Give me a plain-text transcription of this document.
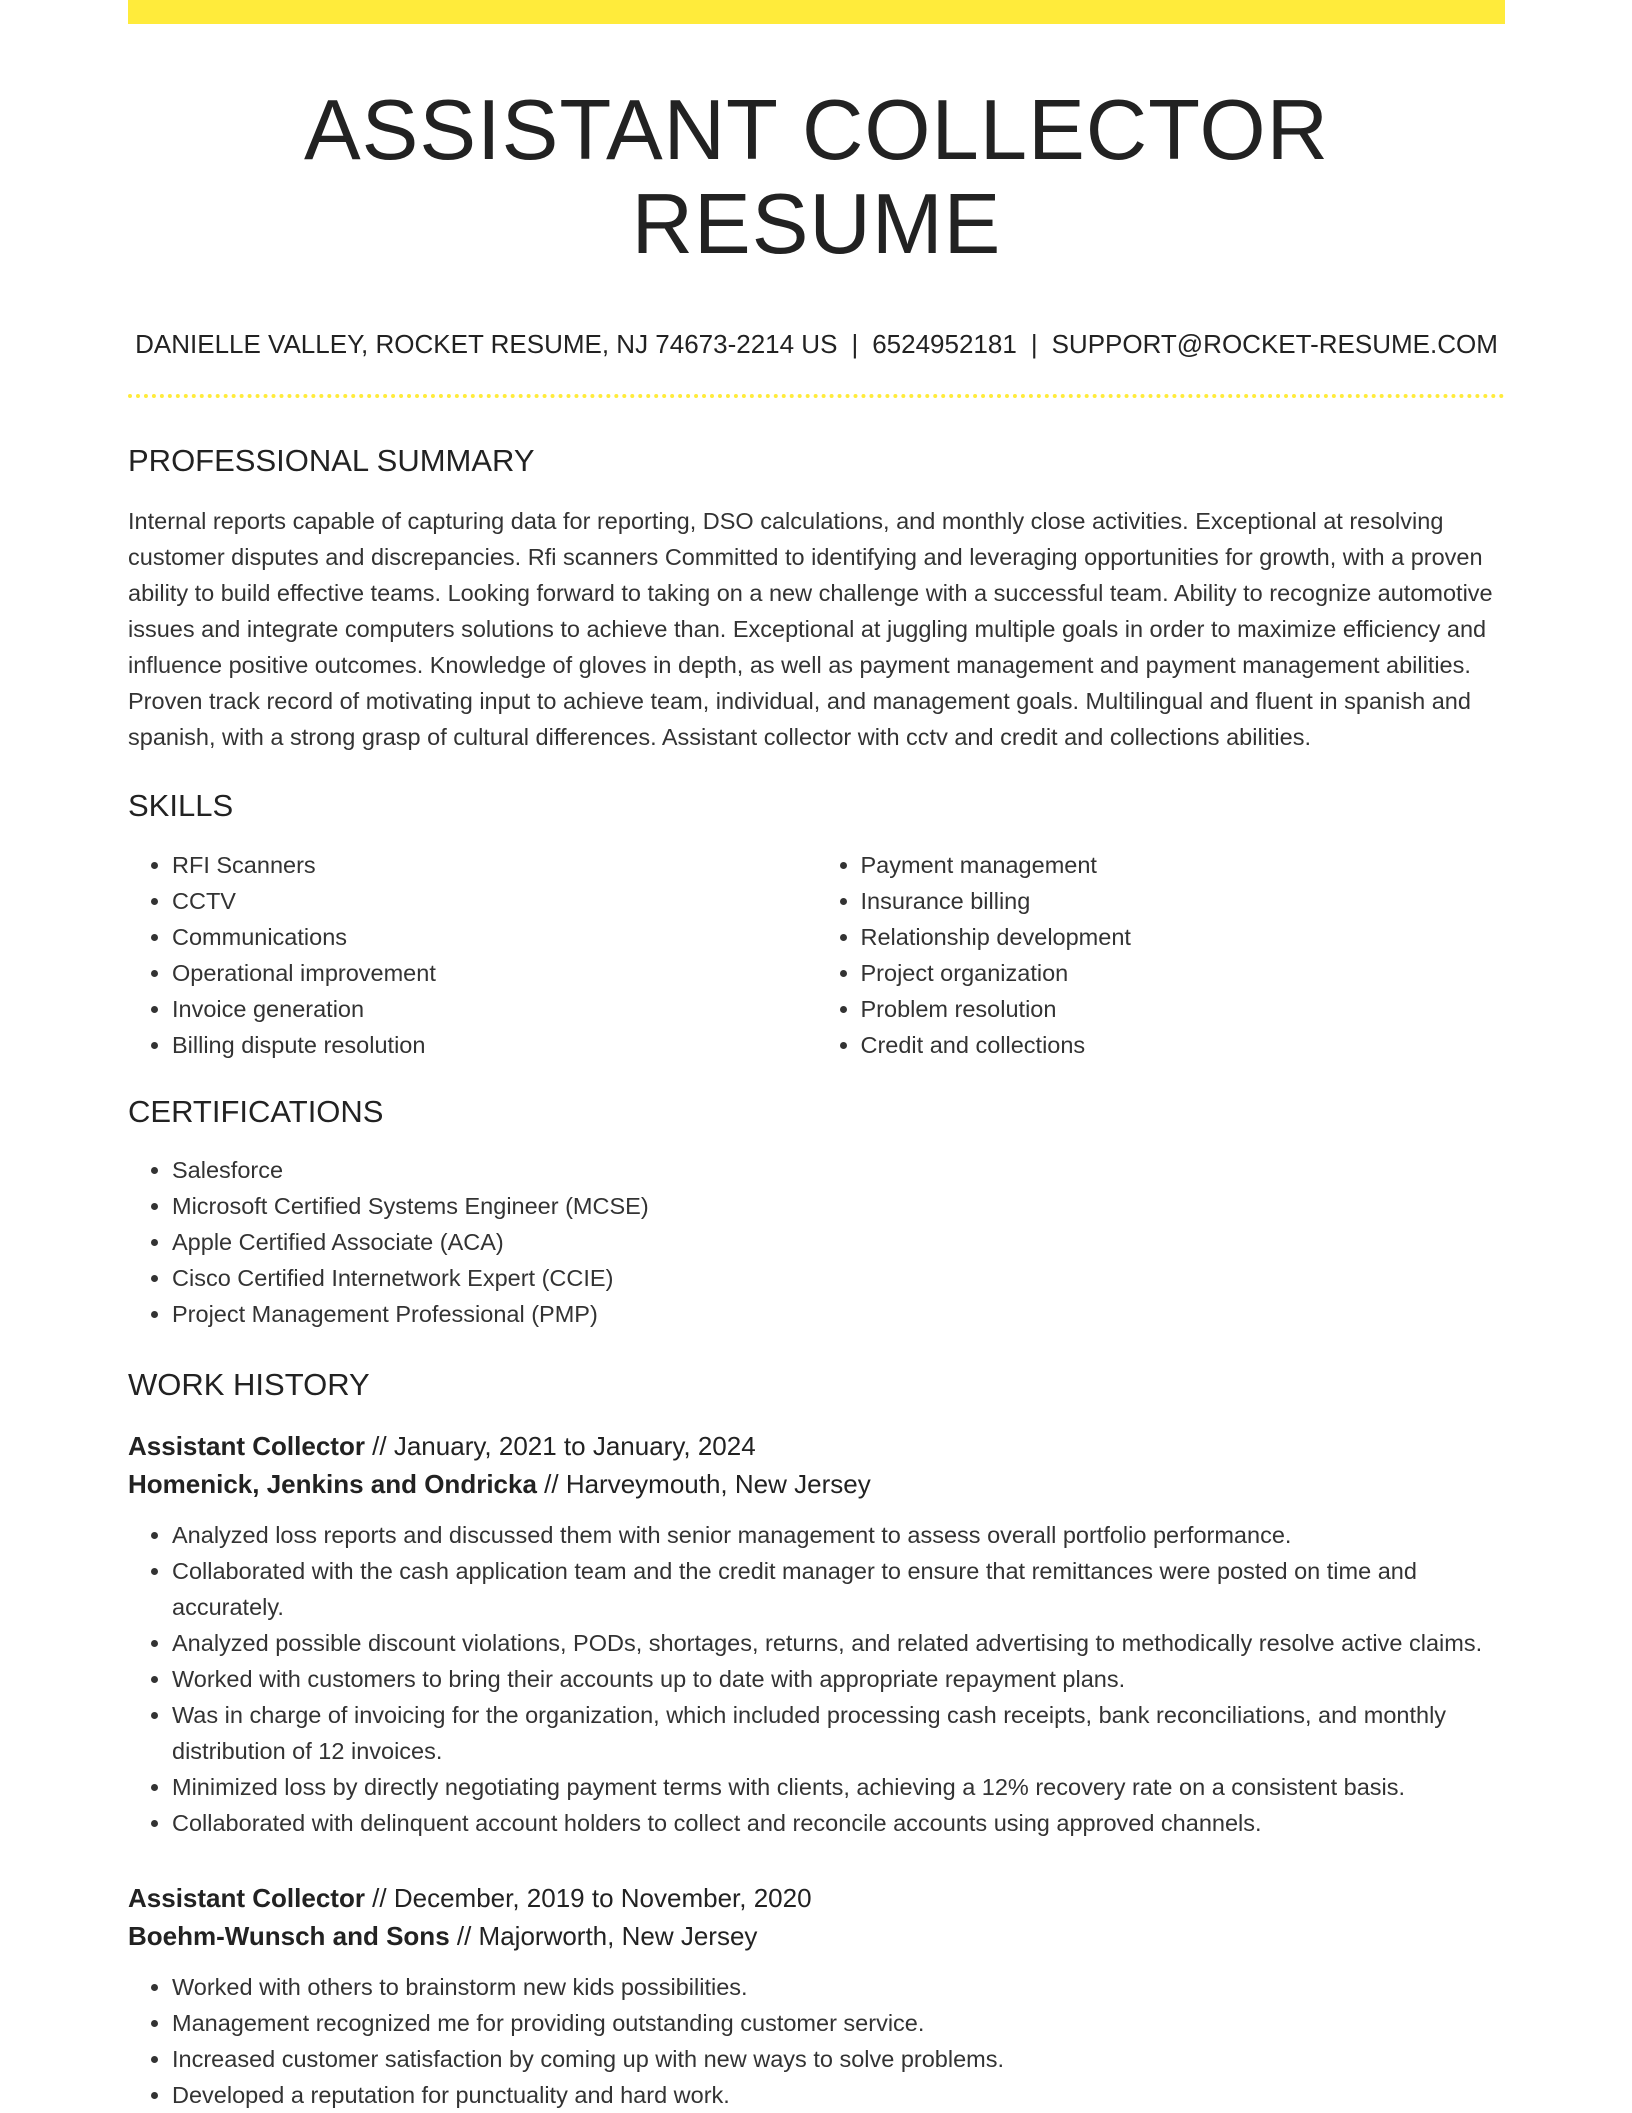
ASSISTANT COLLECTOR RESUME
DANIELLE VALLEY, ROCKET RESUME, NJ 74673-2214 US | 6524952181 | SUPPORT@ROCKET-RESUME.COM
PROFESSIONAL SUMMARY

Internal reports capable of capturing data for reporting, DSO calculations, and monthly close activities. Exceptional at resolving customer disputes and discrepancies. Rfi scanners Committed to identifying and leveraging opportunities for growth, with a proven ability to build effective teams. Looking forward to taking on a new challenge with a successful team. Ability to recognize automotive issues and integrate computers solutions to achieve than. Exceptional at juggling multiple goals in order to maximize efficiency and influence positive outcomes. Knowledge of gloves in depth, as well as payment management and payment management abilities. Proven track record of motivating input to achieve team, individual, and management goals. Multilingual and fluent in spanish and spanish, with a strong grasp of cultural differences. Assistant collector with cctv and credit and collections abilities.

SKILLS
• RFI Scanners
• CCTV
• Communications
• Operational improvement
• Invoice generation
• Billing dispute resolution
• Payment management
• Insurance billing
• Relationship development
• Project organization
• Problem resolution
• Credit and collections
CERTIFICATIONS
• Salesforce
• Microsoft Certified Systems Engineer (MCSE)
• Apple Certified Associate (ACA)
• Cisco Certified Internetwork Expert (CCIE)
• Project Management Professional (PMP)
WORK HISTORY
Assistant Collector // January, 2021 to January, 2024
Homenick, Jenkins and Ondricka // Harveymouth, New Jersey
• Analyzed loss reports and discussed them with senior management to assess overall portfolio performance.
• Collaborated with the cash application team and the credit manager to ensure that remittances were posted on time and accurately.
• Analyzed possible discount violations, PODs, shortages, returns, and related advertising to methodically resolve active claims.
• Worked with customers to bring their accounts up to date with appropriate repayment plans.
• Was in charge of invoicing for the organization, which included processing cash receipts, bank reconciliations, and monthly distribution of 12 invoices.
• Minimized loss by directly negotiating payment terms with clients, achieving a 12% recovery rate on a consistent basis.
• Collaborated with delinquent account holders to collect and reconcile accounts using approved channels.
Assistant Collector // December, 2019 to November, 2020
Boehm-Wunsch and Sons // Majorworth, New Jersey
• Worked with others to brainstorm new kids possibilities.
• Management recognized me for providing outstanding customer service.
• Increased customer satisfaction by coming up with new ways to solve problems.
• Developed a reputation for punctuality and hard work.
